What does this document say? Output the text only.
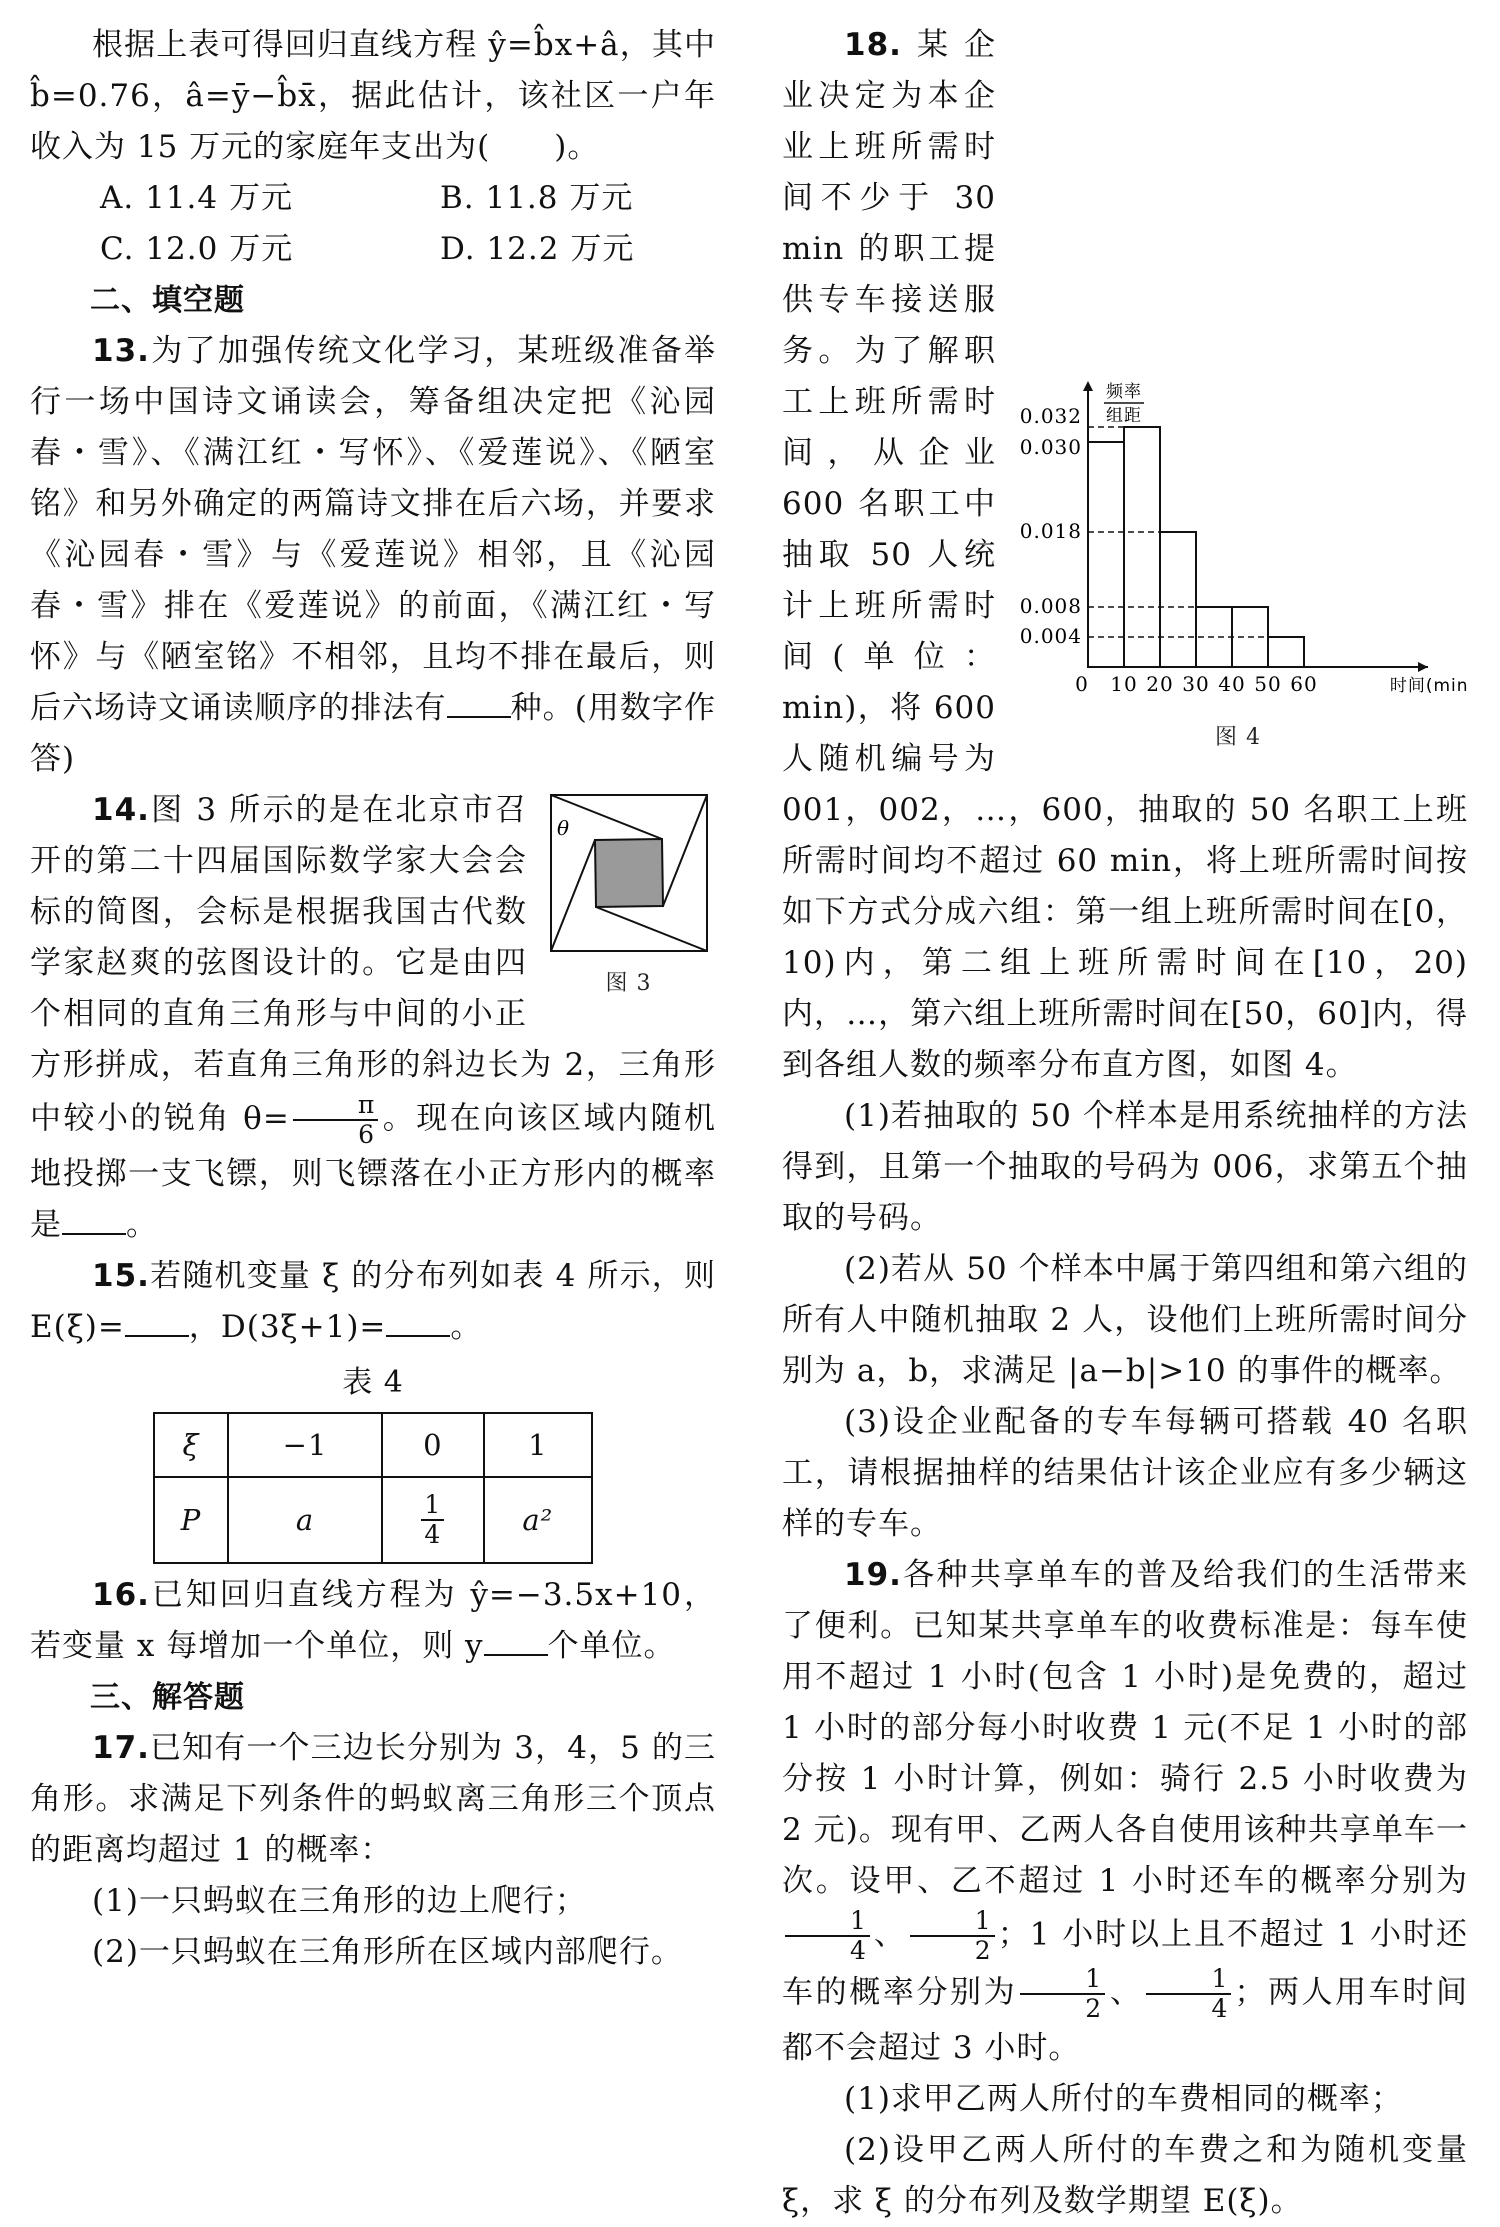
根据上表可得回归直线方程 ŷ=b̂x+â，其中 b̂=0.76，â=ȳ−b̂x̄，据此估计，该社区一户年收入为 15 万元的家庭年支出为(　　)。

A. 11.4 万元	B. 11.8 万元
C. 12.0 万元	D. 12.2 万元

二、填空题

13.为了加强传统文化学习，某班级准备举行一场中国诗文诵读会，筹备组决定把《沁园春・雪》、《满江红・写怀》、《爱莲说》、《陋室铭》和另外确定的两篇诗文排在后六场，并要求《沁园春・雪》与《爱莲说》相邻，且《沁园春・雪》排在《爱莲说》的前面，《满江红・写怀》与《陋室铭》不相邻，且均不排在最后，则后六场诗文诵读顺序的排法有 种。(用数字作答)

θ
图 3

14.图 3 所示的是在北京市召开的第二十四届国际数学家大会会标的简图，会标是根据我国古代数学家赵爽的弦图设计的。它是由四个相同的直角三角形与中间的小正方形拼成，若直角三角形的斜边长为 2，三角形中较小的锐角 $\theta= \frac{\pi}{6}$ 。现在向该区域内随机地投掷一支飞镖，则飞镖落在小正方形内的概率是 。

15.若随机变量 ξ 的分布列如表 4 所示，则 E(ξ)= ，D(3ξ+1)= 。

表 4

ξ	−1	0	1
P	a	$\frac{1}{4}$	a²

16.已知回归直线方程为 ŷ=−3.5x+10，若变量 x 每增加一个单位，则 y 个单位。

三、解答题

17.已知有一个三边长分别为 3，4，5 的三角形。求满足下列条件的蚂蚁离三角形三个顶点的距离均超过 1 的概率：

(1)一只蚂蚁在三角形的边上爬行；

(2)一只蚂蚁在三角形所在区域内部爬行。

频率
组距
0.032
0.030
0.018
0.008
0.004
0 10 20 30 40 50 60	时间(min)
图 4

18.某企业决定为本企业上班所需时间不少于 30 min 的职工提供专车接送服务。为了解职工上班所需时间，从企业 600 名职工中抽取 50 人统计上班所需时间(单位：min)，将 600 人随机编号为 001，002，…，600，抽取的 50 名职工上班所需时间均不超过 60 min，将上班所需时间按如下方式分成六组：第一组上班所需时间在[0，10)内，第二组上班所需时间在[10，20)内，…，第六组上班所需时间在[50，60]内，得到各组人数的频率分布直方图，如图 4。

(1)若抽取的 50 个样本是用系统抽样的方法得到，且第一个抽取的号码为 006，求第五个抽取的号码。

(2)若从 50 个样本中属于第四组和第六组的所有人中随机抽取 2 人，设他们上班所需时间分别为 a，b，求满足 |a−b|>10 的事件的概率。

(3)设企业配备的专车每辆可搭载 40 名职工，请根据抽样的结果估计该企业应有多少辆这样的专车。

19.各种共享单车的普及给我们的生活带来了便利。已知某共享单车的收费标准是：每车使用不超过 1 小时(包含 1 小时)是免费的，超过 1 小时的部分每小时收费 1 元(不足 1 小时的部分按 1 小时计算，例如：骑行 2.5 小时收费为 2 元)。现有甲、乙两人各自使用该种共享单车一次。设甲、乙不超过 1 小时还车的概率分别为
$\frac{1}{4}$ 、 $\frac{1}{2}$ ；1 小时以上且不超过 1 小时还车的概率分别为 $\frac{1}{2}$ 、 $\frac{1}{4}$ ；两人用车时间都不会超过 3 小时。

(1)求甲乙两人所付的车费相同的概率；

(2)设甲乙两人所付的车费之和为随机变量 ξ，求 ξ 的分布列及数学期望 E(ξ)。
